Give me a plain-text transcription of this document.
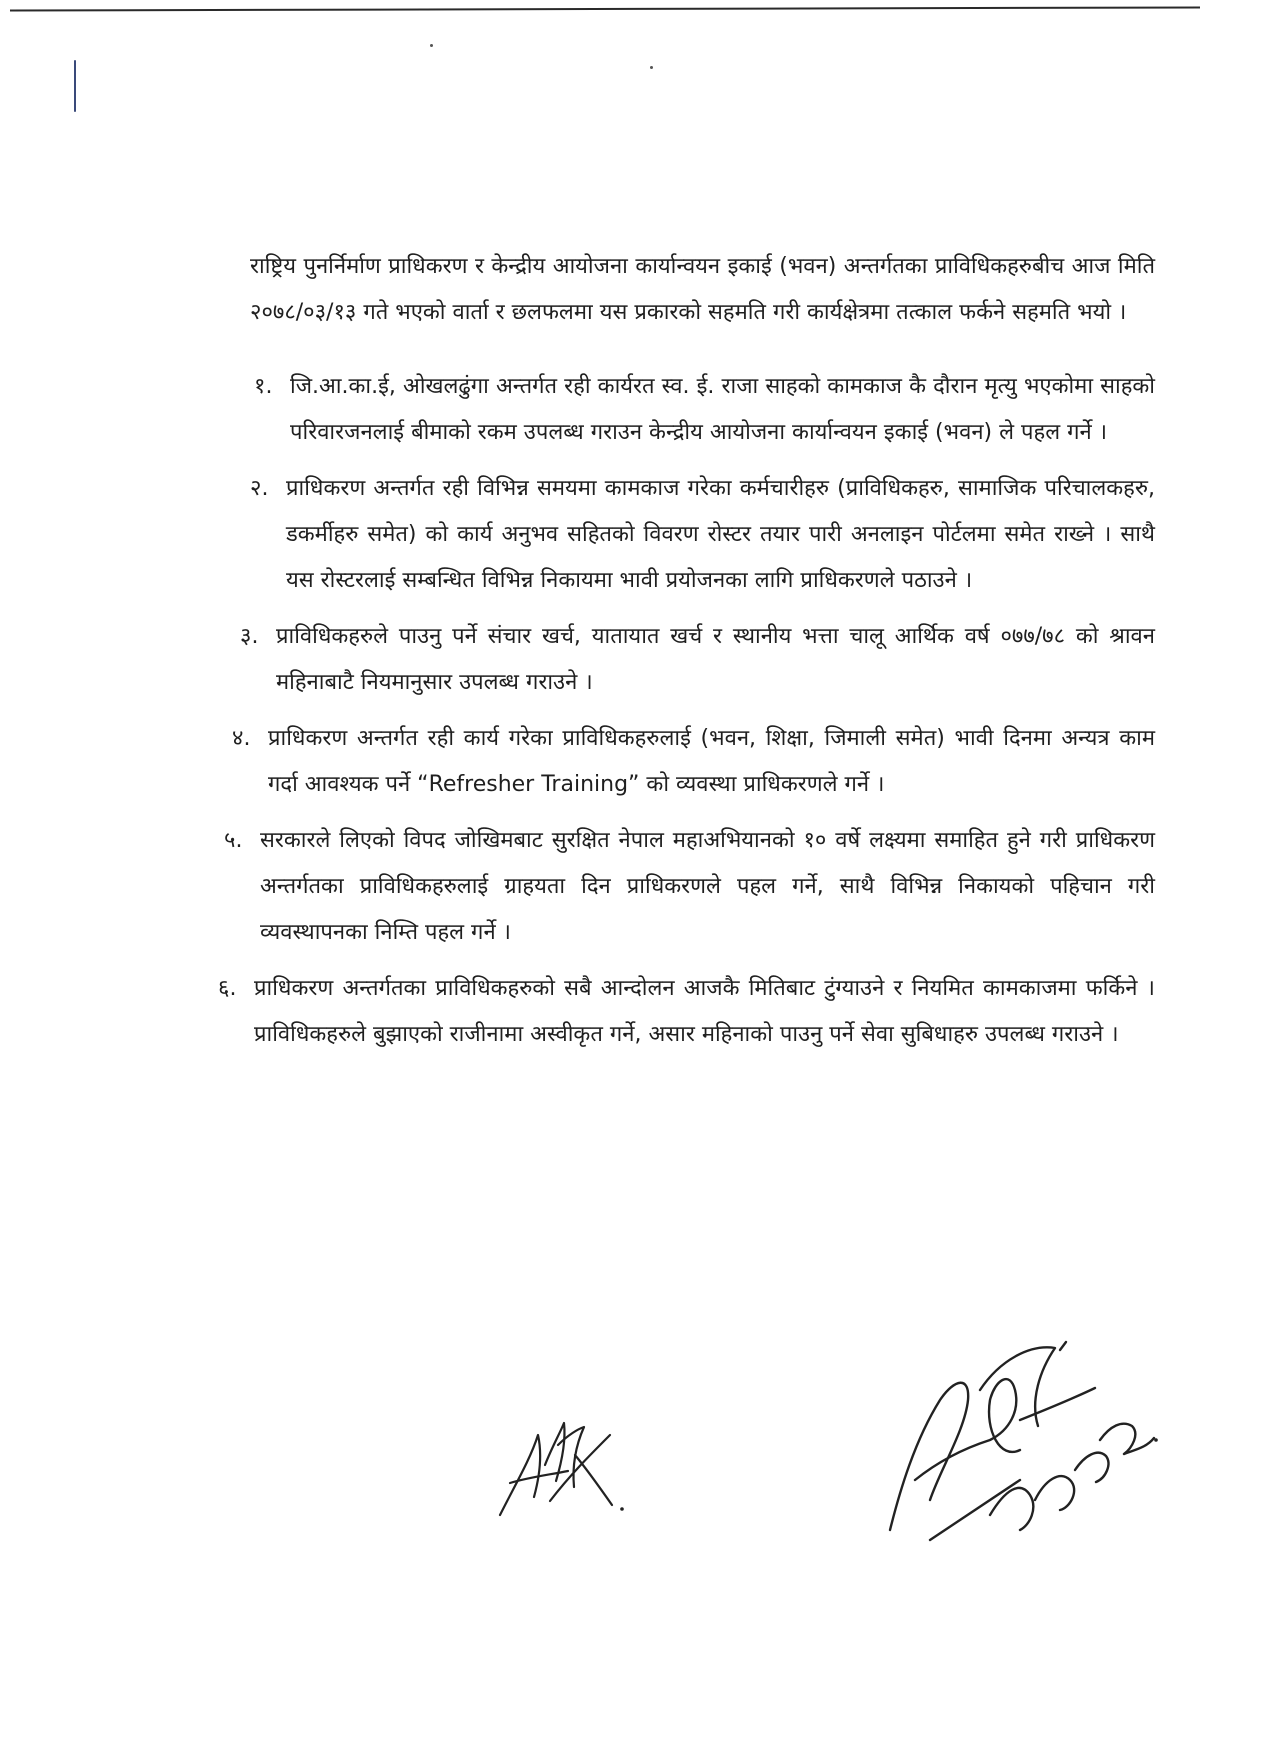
राष्ट्रिय पुनर्निर्माण प्राधिकरण र केन्द्रीय आयोजना कार्यान्वयन इकाई (भवन) अन्तर्गतका प्राविधिकहरुबीच आज मिति २०७८/०३/१३ गते भएको वार्ता र छलफलमा यस प्रकारको सहमति गरी कार्यक्षेत्रमा तत्काल फर्कने सहमति भयो ।

१. जि.आ.का.ई, ओखलढुंगा अन्तर्गत रही कार्यरत स्व. ई. राजा साहको कामकाज कै दौरान मृत्यु भएकोमा साहको परिवारजनलाई बीमाको रकम उपलब्ध गराउन केन्द्रीय आयोजना कार्यान्वयन इकाई (भवन) ले पहल गर्ने ।
२. प्राधिकरण अन्तर्गत रही विभिन्न समयमा कामकाज गरेका कर्मचारीहरु (प्राविधिकहरु, सामाजिक परिचालकहरु, डकर्मीहरु समेत) को कार्य अनुभव सहितको विवरण रोस्टर तयार पारी अनलाइन पोर्टलमा समेत राख्ने । साथै यस रोस्टरलाई सम्बन्धित विभिन्न निकायमा भावी प्रयोजनका लागि प्राधिकरणले पठाउने ।
३. प्राविधिकहरुले पाउनु पर्ने संचार खर्च, यातायात खर्च र स्थानीय भत्ता चालू आर्थिक वर्ष ०७७/७८ को श्रावन महिनाबाटै नियमानुसार उपलब्ध गराउने ।
४. प्राधिकरण अन्तर्गत रही कार्य गरेका प्राविधिकहरुलाई (भवन, शिक्षा, जिमाली समेत) भावी दिनमा अन्यत्र काम गर्दा आवश्यक पर्ने “Refresher Training” को व्यवस्था प्राधिकरणले गर्ने ।
५. सरकारले लिएको विपद जोखिमबाट सुरक्षित नेपाल महाअभियानको १० वर्षे लक्ष्यमा समाहित हुने गरी प्राधिकरण अन्तर्गतका प्राविधिकहरुलाई ग्राहयता दिन प्राधिकरणले पहल गर्ने, साथै विभिन्न निकायको पहिचान गरी व्यवस्थापनका निम्ति पहल गर्ने ।
६. प्राधिकरण अन्तर्गतका प्राविधिकहरुको सबै आन्दोलन आजकै मितिबाट टुंग्याउने र नियमित कामकाजमा फर्किने । प्राविधिकहरुले बुझाएको राजीनामा अस्वीकृत गर्ने, असार महिनाको पाउनु पर्ने सेवा सुबिधाहरु उपलब्ध गराउने ।
